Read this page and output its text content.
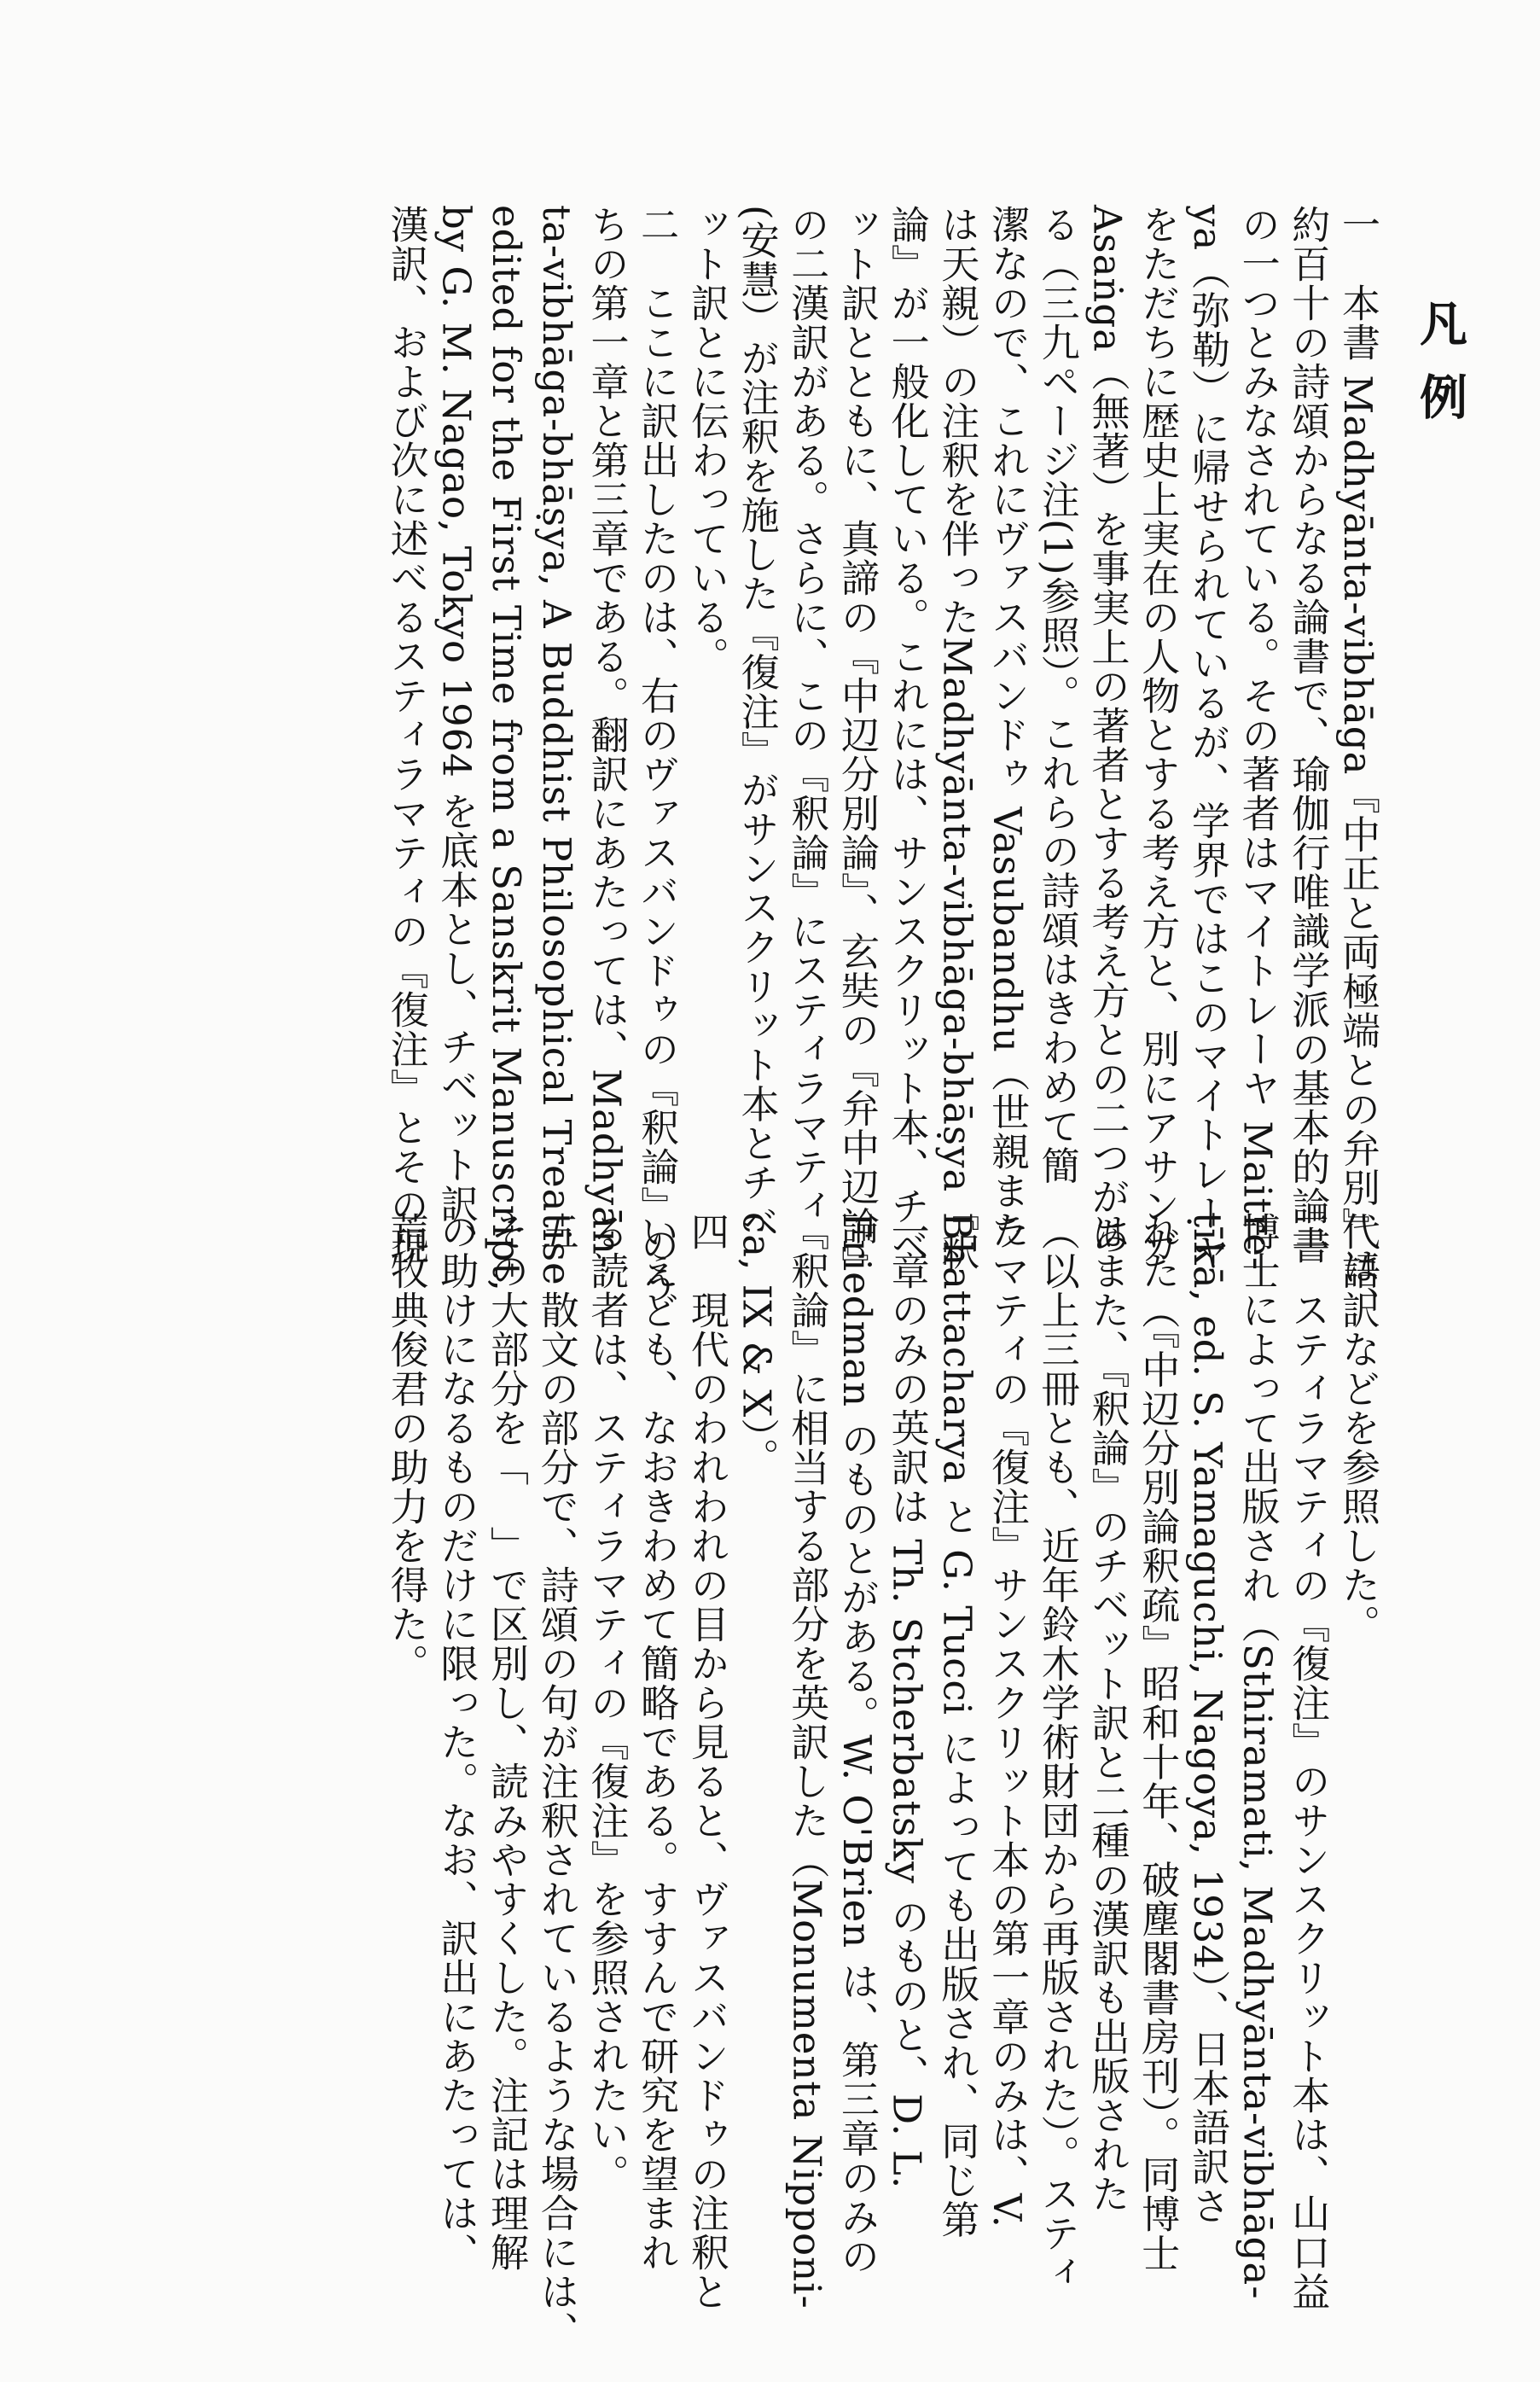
凡例
一　本書 Madhyānta-vibhāga『中正と両極端との弁別』は、
約百十の詩頌からなる論書で、瑜伽行唯識学派の基本的論書
の一つとみなされている。その著者はマイトレーヤ Maitre-
ya（弥勒）に帰せられているが、学界ではこのマイトレーヤ
をただちに歴史上実在の人物とする考え方と、別にアサンガ
Asaṅga（無著）を事実上の著者とする考え方との二つがあ
る（三九ページ注(1)参照）。これらの詩頌はきわめて簡
潔なので、これにヴァスバンドゥ Vasubandhu（世親また
は天親）の注釈を伴ったMadhyānta-vibhāga-bhāṣya『釈
論』が一般化している。これには、サンスクリット本、チベ
ット訳とともに、真諦の『中辺分別論』、玄奘の『弁中辺論』
の二漢訳がある。さらに、この『釈論』にスティラマティ
(安慧）が注釈を施した『復注』がサンスクリット本とチベ
ット訳とに伝わっている。
二　ここに訳出したのは、右のヴァスバンドゥの『釈論』のう
ちの第一章と第三章である。翻訳にあたっては、Madhyān-
ta-vibhāga-bhāṣya, A Buddhist Philosophical Treatise
edited for the First Time from a Sanskrit Manuscript,
by G. M. Nagao, Tokyo 1964 を底本とし、チベット訳、
漢訳、および次に述べるスティラマティの『復注』とその現
代語訳などを参照した。
三　スティラマティの『復注』のサンスクリット本は、山口益
博士によって出版され（Sthiramati, Madhyānta-vibhāga-
ṭīkā, ed. S. Yamaguchi, Nagoya, 1934）、日本語訳さ
れた（『中辺分別論釈疏』昭和十年、破塵閣書房刊）。同博士
はまた、『釈論』のチベット訳と二種の漢訳も出版された
（以上三冊とも、近年鈴木学術財団から再版された）。スティ
ラマティの『復注』サンスクリット本の第一章のみは、V.
Bhattacharya と G. Tucci によっても出版され、同じ第
一章のみの英訳は Th. Stcherbatsky のものと、D. L.
Friedman のものとがある。W. O'Brien は、第三章のみの
『釈論』に相当する部分を英訳した（Monumenta Nipponi-
ca, IX & X）。
四　現代のわれわれの目から見ると、ヴァスバンドゥの注釈と
いえども、なおきわめて簡略である。すすんで研究を望まれ
る読者は、スティラマティの『復注』を参照されたい。
五　散文の部分で、詩頌の句が注釈されているような場合には、
その大部分を「　」で区別し、読みやすくした。注記は理解
の助けになるものだけに限った。なお、訳出にあたっては、
荒牧典俊君の助力を得た。
